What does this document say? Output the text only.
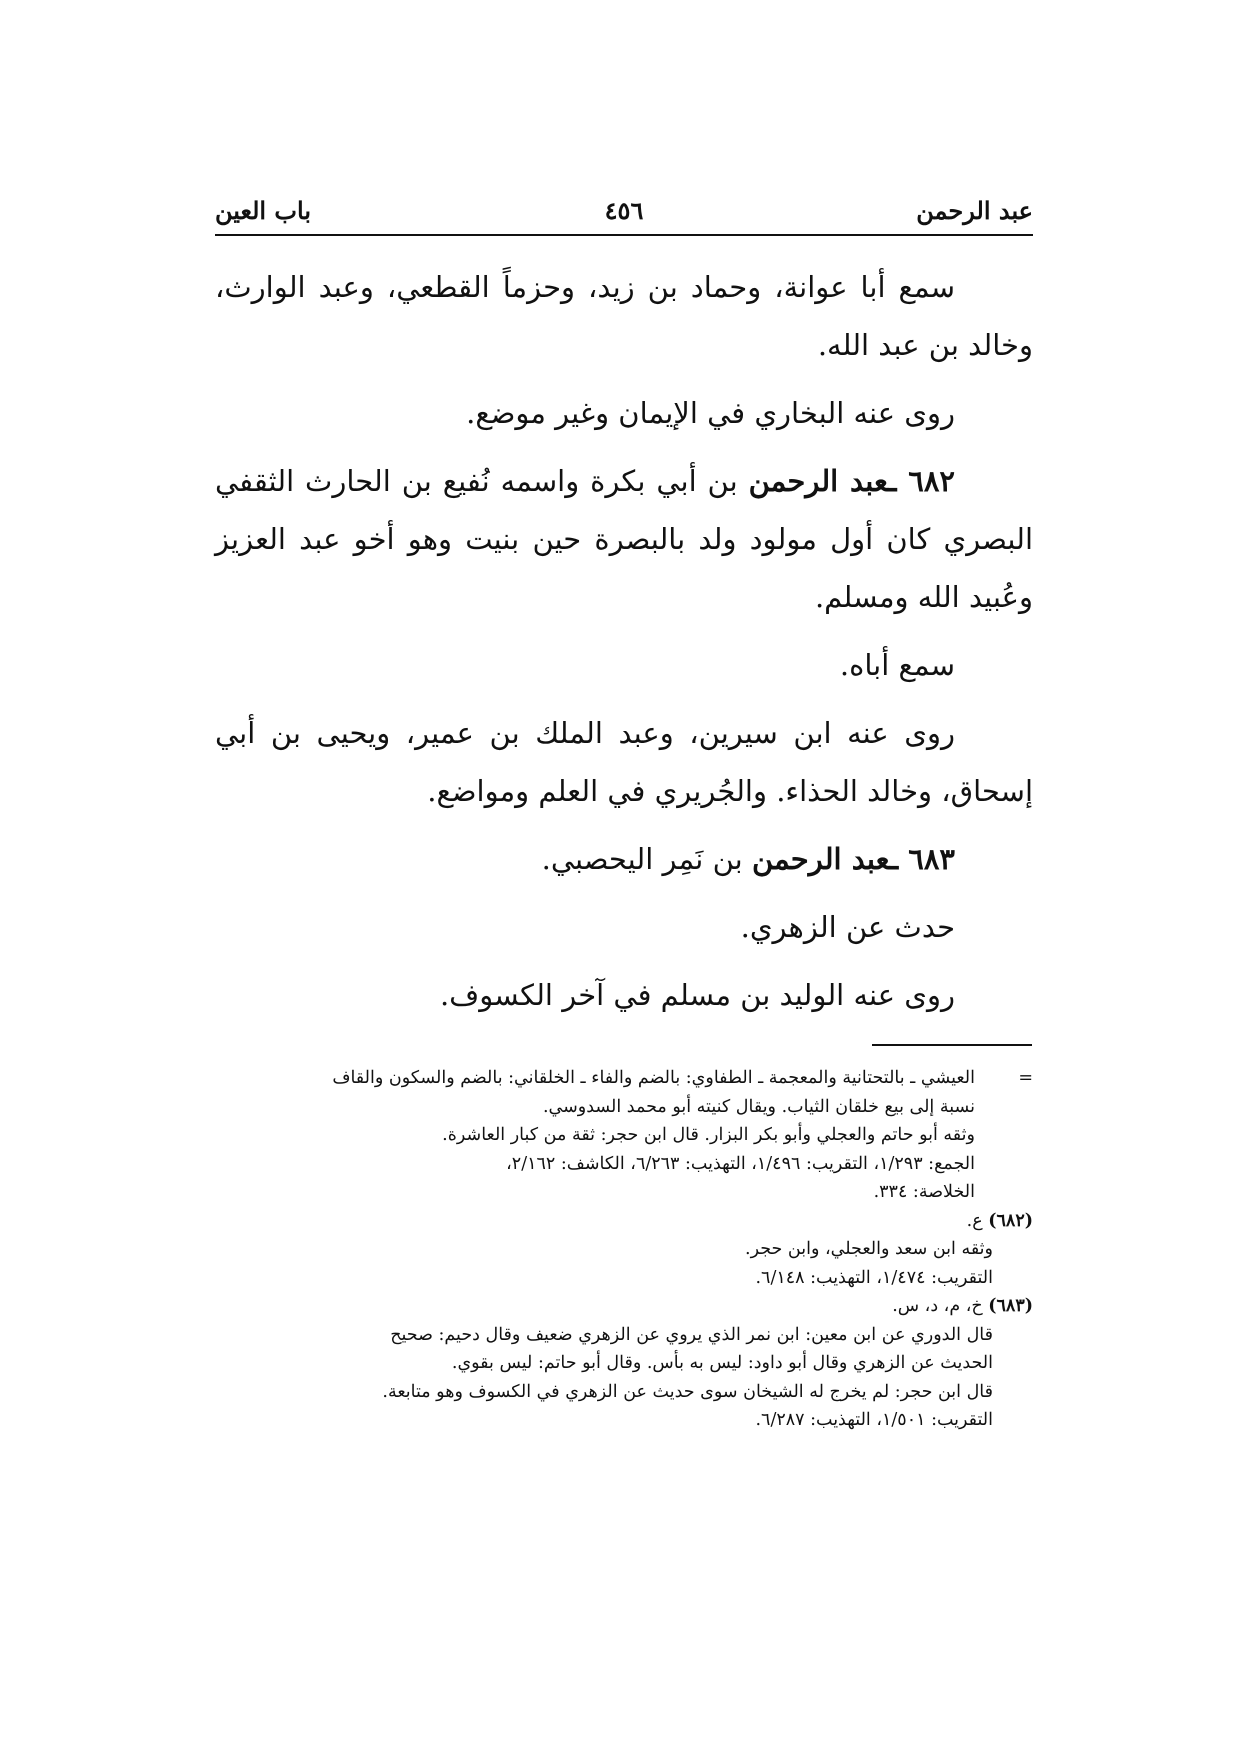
عبد الرحمن
٤٥٦
باب العين

سمع أبا عوانة، وحماد بن زيد، وحزماً القطعي، وعبد الوارث، وخالد بن عبد الله.

روى عنه البخاري في الإيمان وغير موضع.

٦٨٢ ـعبد الرحمن بن أبي بكرة واسمه نُفيع بن الحارث الثقفي البصري كان أول مولود ولد بالبصرة حين بنيت وهو أخو عبد العزيز وعُبيد الله ومسلم.

سمع أباه.

روى عنه ابن سيرين، وعبد الملك بن عمير، ويحيى بن أبي إسحاق، وخالد الحذاء. والجُريري في العلم ومواضع.

٦٨٣ ـعبد الرحمن بن نَمِر اليحصبي.

حدث عن الزهري.

روى عنه الوليد بن مسلم في آخر الكسوف.

=

العيشي ـ بالتحتانية والمعجمة ـ الطفاوي: بالضم والفاء ـ الخلقاني: بالضم والسكون والقاف

نسبة إلى بيع خلقان الثياب. ويقال كنيته أبو محمد السدوسي.

وثقه أبو حاتم والعجلي وأبو بكر البزار. قال ابن حجر: ثقة من كبار العاشرة.

الجمع: ١/٢٩٣، التقريب: ١/٤٩٦، التهذيب: ٦/٢٦٣، الكاشف: ٢/١٦٢،

الخلاصة: ٣٣٤.

(٦٨٢) ع.

وثقه ابن سعد والعجلي، وابن حجر.

التقريب: ١/٤٧٤، التهذيب: ٦/١٤٨.

(٦٨٣) خ، م، د، س.

قال الدوري عن ابن معين: ابن نمر الذي يروي عن الزهري ضعيف وقال دحيم: صحيح

الحديث عن الزهري وقال أبو داود: ليس به بأس. وقال أبو حاتم: ليس بقوي.

قال ابن حجر: لم يخرج له الشيخان سوى حديث عن الزهري في الكسوف وهو متابعة.

التقريب: ١/٥٠١، التهذيب: ٦/٢٨٧.
